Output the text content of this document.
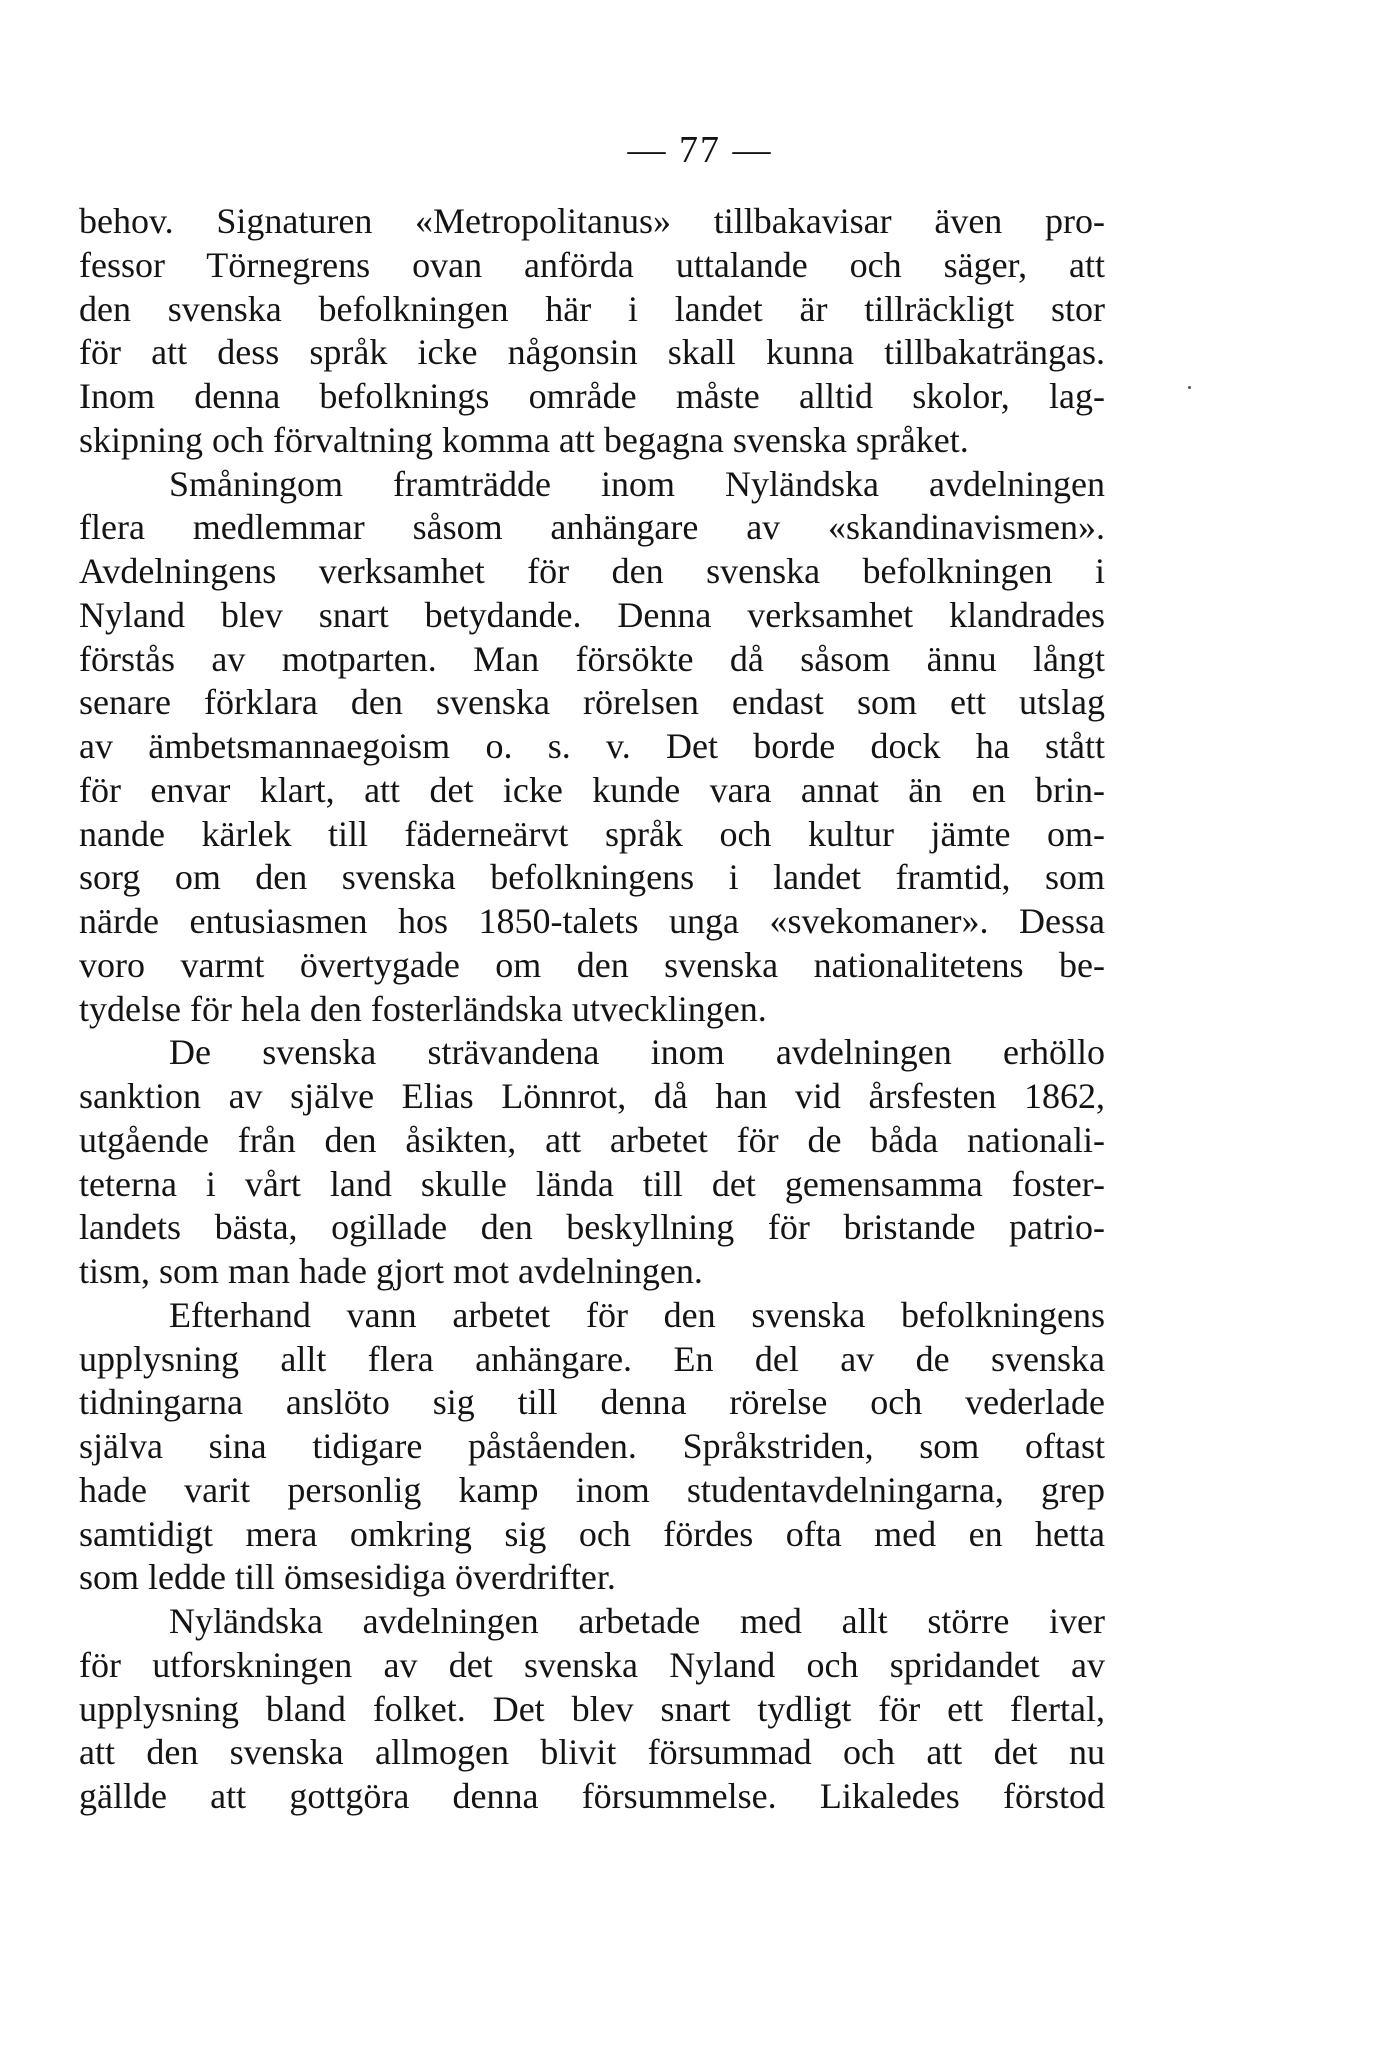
— 77 —
behov. Signaturen «Metropolitanus» tillbakavisar även pro-
fessor Törnegrens ovan anförda uttalande och säger, att
den svenska befolkningen här i landet är tillräckligt stor
för att dess språk icke någonsin skall kunna tillbakaträngas.
Inom denna befolknings område måste alltid skolor, lag-
skipning och förvaltning komma att begagna svenska språket.
Småningom framträdde inom Nyländska avdelningen
flera medlemmar såsom anhängare av «skandinavismen».
Avdelningens verksamhet för den svenska befolkningen i
Nyland blev snart betydande. Denna verksamhet klandrades
förstås av motparten. Man försökte då såsom ännu långt
senare förklara den svenska rörelsen endast som ett utslag
av ämbetsmannaegoism o. s. v. Det borde dock ha stått
för envar klart, att det icke kunde vara annat än en brin-
nande kärlek till fäderneärvt språk och kultur jämte om-
sorg om den svenska befolkningens i landet framtid, som
närde entusiasmen hos 1850-talets unga «svekomaner». Dessa
voro varmt övertygade om den svenska nationalitetens be-
tydelse för hela den fosterländska utvecklingen.
De svenska strävandena inom avdelningen erhöllo
sanktion av själve Elias Lönnrot, då han vid årsfesten 1862,
utgående från den åsikten, att arbetet för de båda nationali-
teterna i vårt land skulle lända till det gemensamma foster-
landets bästa, ogillade den beskyllning för bristande patrio-
tism, som man hade gjort mot avdelningen.
Efterhand vann arbetet för den svenska befolkningens
upplysning allt flera anhängare. En del av de svenska
tidningarna anslöto sig till denna rörelse och vederlade
själva sina tidigare påståenden. Språkstriden, som oftast
hade varit personlig kamp inom studentavdelningarna, grep
samtidigt mera omkring sig och fördes ofta med en hetta
som ledde till ömsesidiga överdrifter.
Nyländska avdelningen arbetade med allt större iver
för utforskningen av det svenska Nyland och spridandet av
upplysning bland folket. Det blev snart tydligt för ett flertal,
att den svenska allmogen blivit försummad och att det nu
gällde att gottgöra denna försummelse. Likaledes förstod
